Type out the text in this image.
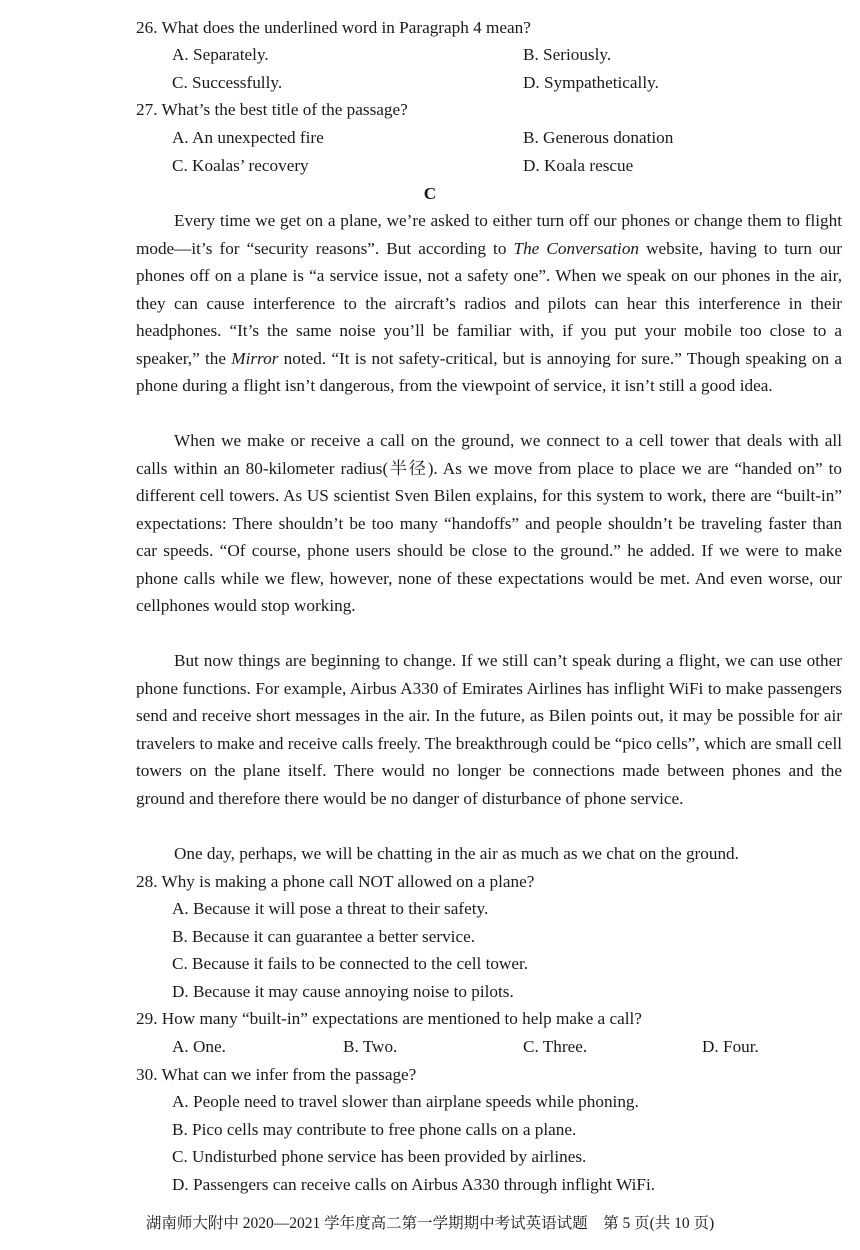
26. What does the underlined word in Paragraph 4 mean?
A. Separately.	B. Seriously.
C. Successfully.	D. Sympathetically.
27. What’s the best title of the passage?
A. An unexpected fire	B. Generous donation
C. Koalas’ recovery	D. Koala rescue
C

Every time we get on a plane, we’re asked to either turn off our phones or change them to flight mode—it’s for “security reasons”. But according to The Conversation website, having to turn our phones off on a plane is “a service issue, not a safety one”. When we speak on our phones in the air, they can cause interference to the aircraft’s radios and pilots can hear this interference in their headphones. “It’s the same noise you’ll be familiar with, if you put your mobile too close to a speaker,” the Mirror noted. “It is not safety-critical, but is annoying for sure.” Though speaking on a phone during a flight isn’t dangerous, from the viewpoint of service, it isn’t still a good idea.

When we make or receive a call on the ground, we connect to a cell tower that deals with all calls within an 80-kilometer radius(半径). As we move from place to place we are “handed on” to different cell towers. As US scientist Sven Bilen explains, for this system to work, there are “built-in” expectations: There shouldn’t be too many “handoffs” and people shouldn’t be traveling faster than car speeds. “Of course, phone users should be close to the ground.” he added. If we were to make phone calls while we flew, however, none of these expectations would be met. And even worse, our cellphones would stop working.

But now things are beginning to change. If we still can’t speak during a flight, we can use other phone functions. For example, Airbus A330 of Emirates Airlines has inflight WiFi to make passengers send and receive short messages in the air. In the future, as Bilen points out, it may be possible for air travelers to make and receive calls freely. The breakthrough could be “pico cells”, which are small cell towers on the plane itself. There would no longer be connections made between phones and the ground and therefore there would be no danger of disturbance of phone service.

One day, perhaps, we will be chatting in the air as much as we chat on the ground.

28. Why is making a phone call NOT allowed on a plane?
A. Because it will pose a threat to their safety.
B. Because it can guarantee a better service.
C. Because it fails to be connected to the cell tower.
D. Because it may cause annoying noise to pilots.
29. How many “built-in” expectations are mentioned to help make a call?
A. One.	B. Two.	C. Three.	D. Four.
30. What can we infer from the passage?
A. People need to travel slower than airplane speeds while phoning.
B. Pico cells may contribute to free phone calls on a plane.
C. Undisturbed phone service has been provided by airlines.
D. Passengers can receive calls on Airbus A330 through inflight WiFi.
湖南师大附中 2020—2021 学年度高二第一学期期中考试英语试题　第 5 页(共 10 页)
